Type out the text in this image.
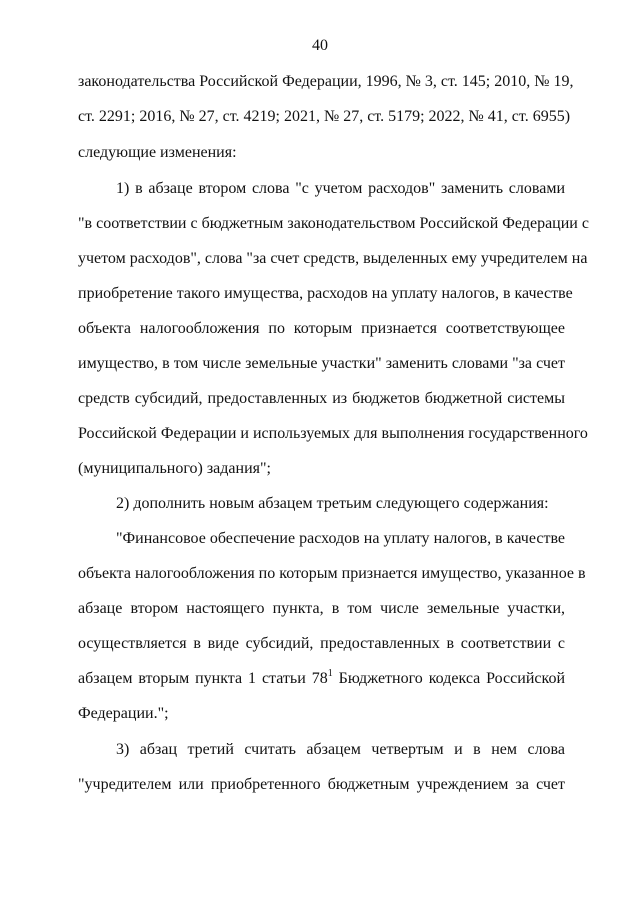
40
законодательства Российской Федерации, 1996, № 3, ст. 145; 2010, № 19,
ст. 2291; 2016, № 27, ст. 4219; 2021, № 27, ст. 5179; 2022, № 41, ст. 6955)
следующие изменения:
1) в абзаце втором слова "с учетом расходов" заменить словами
"в соответствии с бюджетным законодательством Российской Федерации с
учетом расходов", слова "за счет средств, выделенных ему учредителем на
приобретение такого имущества, расходов на уплату налогов, в качестве
объекта налогообложения по которым признается соответствующее
имущество, в том числе земельные участки" заменить словами "за счет
средств субсидий, предоставленных из бюджетов бюджетной системы
Российской Федерации и используемых для выполнения государственного
(муниципального) задания";
2) дополнить новым абзацем третьим следующего содержания:
"Финансовое обеспечение расходов на уплату налогов, в качестве
объекта налогообложения по которым признается имущество, указанное в
абзаце втором настоящего пункта, в том числе земельные участки,
осуществляется в виде субсидий, предоставленных в соответствии с
абзацем вторым пункта 1 статьи $78^1$ Бюджетного кодекса Российской
Федерации.";
3) абзац третий считать абзацем четвертым и в нем слова
"учредителем или приобретенного бюджетным учреждением за счет
